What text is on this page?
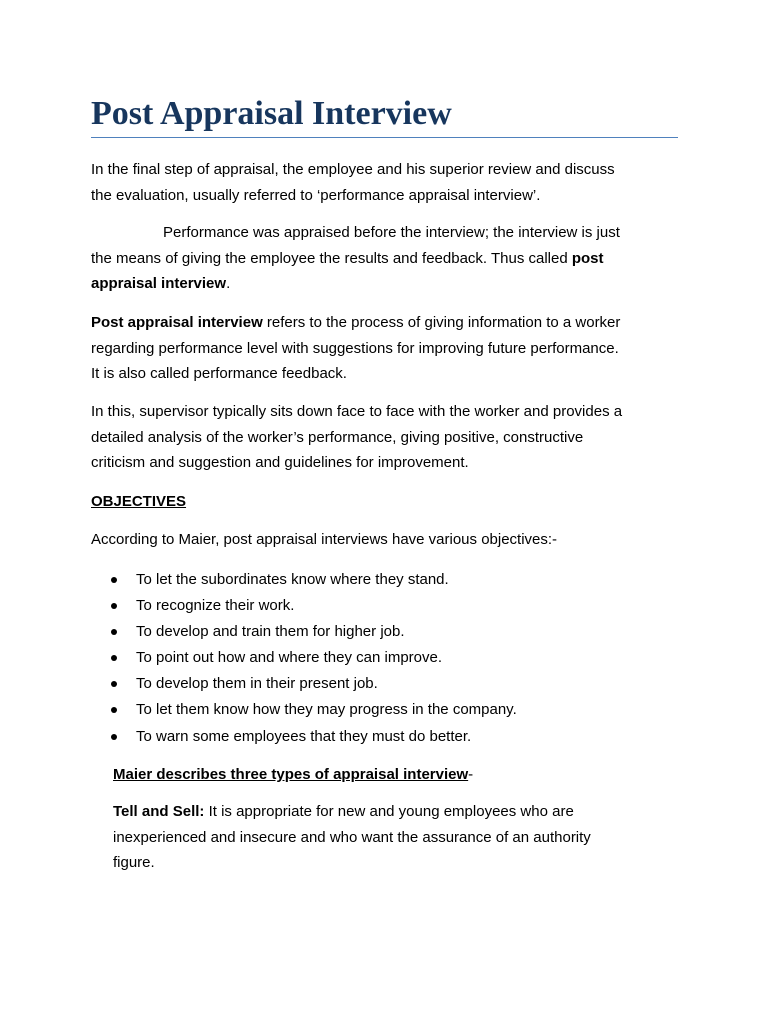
Post Appraisal Interview

In the final step of appraisal, the employee and his superior review and discuss
the evaluation, usually referred to ‘performance appraisal interview’.

Performance was appraised before the interview; the interview is just
the means of giving the employee the results and feedback. Thus called post
appraisal interview.

Post appraisal interview refers to the process of giving information to a worker
regarding performance level with suggestions for improving future performance.
It is also called performance feedback.

In this, supervisor typically sits down face to face with the worker and provides a
detailed analysis of the worker’s performance, giving positive, constructive
criticism and suggestion and guidelines for improvement.

OBJECTIVES

According to Maier, post appraisal interviews have various objectives:-

To let the subordinates know where they stand.
To recognize their work.
To develop and train them for higher job.
To point out how and where they can improve.
To develop them in their present job.
To let them know how they may progress in the company.
To warn some employees that they must do better.

Maier describes three types of appraisal interview-

Tell and Sell: It is appropriate for new and young employees who are
inexperienced and insecure and who want the assurance of an authority
figure.
